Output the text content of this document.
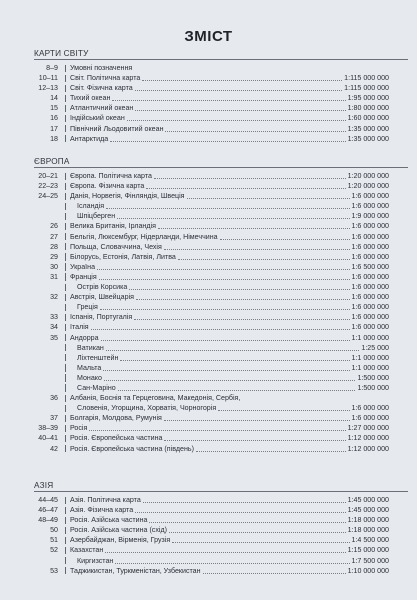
ЗМІСТ
КАРТИ СВІТУ
8–9 Умовні позначення
10–11 Світ. Політична карта	1:115 000 000
12–13 Світ. Фізична карта	1:115 000 000
14 Тихий океан	1:95 000 000
15 Атлантичний океан	1:80 000 000
16 Індійський океан	1:60 000 000
17 Північний Льодовитий океан	1:35 000 000
18 Антарктида	1:35 000 000
ЄВРОПА
20–21 Європа. Політична карта	1:20 000 000
22–23 Європа. Фізична карта	1:20 000 000
24–25 Данія, Норвегія, Фінляндія, Швеція	1:6 000 000
Ісландія	1:6 000 000
Шпіцберген	1:9 000 000
26 Велика Британія, Ірландія	1:6 000 000
27 Бельгія, Люксембург, Нідерланди, Німеччина	1:6 000 000
28 Польща, Словаччина, Чехія	1:6 000 000
29 Білорусь, Естонія, Латвія, Литва	1:6 000 000
30 Україна	1:6 500 000
31 Франція	1:6 000 000
Острів Корсика	1:6 000 000
32 Австрія, Швейцарія	1:6 000 000
Греція	1:6 000 000
33 Іспанія, Португалія	1:6 000 000
34 Італія	1:6 000 000
35 Андорра	1:1 000 000
Ватикан	1:25 000
Ліхтенштейн	1:1 000 000
Мальта	1:1 000 000
Монако	1:500 000
Сан-Маріно	1:500 000
36 Албанія, Боснія та Герцеговина, Македонія, Сербія,
Словенія, Угорщина, Хорватія, Чорногорія	1:6 000 000
37 Болгарія, Молдова, Румунія	1:6 000 000
38–39 Росія	1:27 000 000
40–41 Росія. Європейська частина	1:12 000 000
42 Росія. Європейська частина (південь)	1:12 000 000
АЗІЯ
44–45 Азія. Політична карта	1:45 000 000
46–47 Азія. Фізична карта	1:45 000 000
48–49 Росія. Азійська частина	1:18 000 000
50 Росія. Азійська частина (схід)	1:18 000 000
51 Азербайджан, Вірменія, Грузія	1:4 500 000
52 Казахстан	1:15 000 000
Киргизстан	1:7 500 000
53 Таджикистан, Туркменістан, Узбекистан	1:10 000 000
